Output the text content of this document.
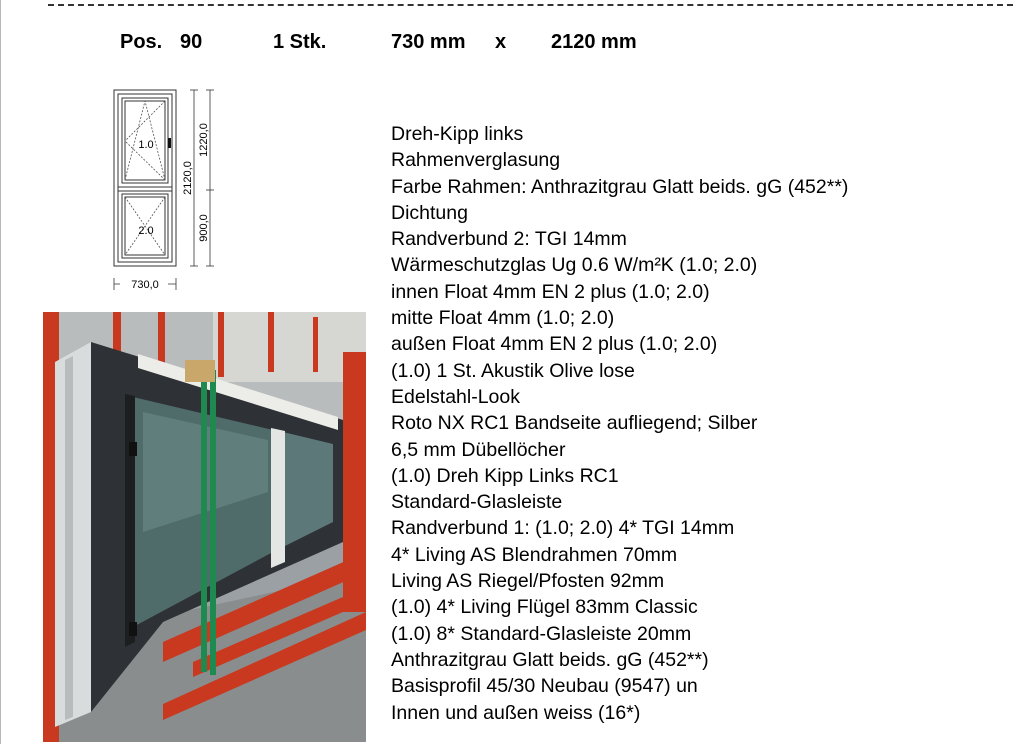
Pos. 90	1 Stk.	730 mm x 2120 mm
1.0
2.0
2120,0
1220,0
900,0
730,0
Dreh-Kipp links
Rahmenverglasung
Farbe Rahmen: Anthrazitgrau Glatt beids. gG (452**)
Dichtung
Randverbund 2: TGI 14mm
Wärmeschutzglas Ug 0.6 W/m²K (1.0; 2.0)
innen Float 4mm EN 2 plus (1.0; 2.0)
mitte Float 4mm (1.0; 2.0)
außen Float 4mm EN 2 plus (1.0; 2.0)
(1.0) 1 St. Akustik Olive lose
Edelstahl-Look
Roto NX RC1 Bandseite aufliegend; Silber
6,5 mm Dübellöcher
(1.0) Dreh Kipp Links RC1
Standard-Glasleiste
Randverbund 1: (1.0; 2.0) 4* TGI 14mm
4* Living AS Blendrahmen 70mm
Living AS Riegel/Pfosten 92mm
(1.0) 4* Living Flügel 83mm Classic
(1.0) 8* Standard-Glasleiste 20mm
Anthrazitgrau Glatt beids. gG (452**)
Basisprofil 45/30 Neubau (9547) un
Innen und außen weiss (16*)
